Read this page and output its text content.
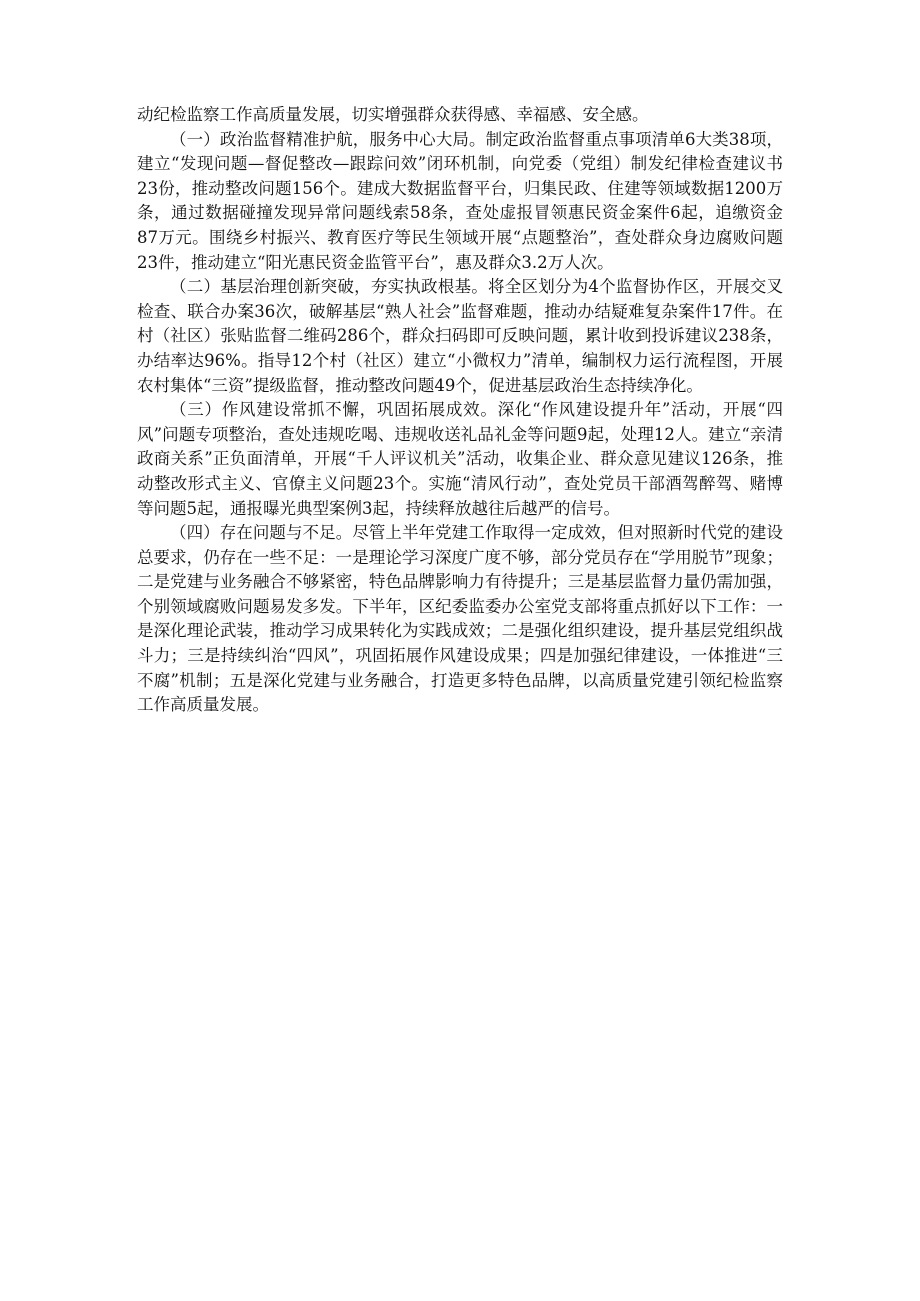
动纪检监察工作高质量发展，切实增强群众获得感、幸福感、安全感。

（一）政治监督精准护航，服务中心大局。制定政治监督重点事项清单6大类38项，建立“发现问题—督促整改—跟踪问效”闭环机制，向党委（党组）制发纪律检查建议书23份，推动整改问题156个。建成大数据监督平台，归集民政、住建等领域数据1200万条，通过数据碰撞发现异常问题线索58条，查处虚报冒领惠民资金案件6起，追缴资金87万元。围绕乡村振兴、教育医疗等民生领域开展“点题整治”，查处群众身边腐败问题23件，推动建立“阳光惠民资金监管平台”，惠及群众3.2万人次。

（二）基层治理创新突破，夯实执政根基。将全区划分为4个监督协作区，开展交叉检查、联合办案36次，破解基层“熟人社会”监督难题，推动办结疑难复杂案件17件。在村（社区）张贴监督二维码286个，群众扫码即可反映问题，累计收到投诉建议238条，办结率达96%。指导12个村（社区）建立“小微权力”清单，编制权力运行流程图，开展农村集体“三资”提级监督，推动整改问题49个，促进基层政治生态持续净化。

（三）作风建设常抓不懈，巩固拓展成效。深化“作风建设提升年”活动，开展“四风”问题专项整治，查处违规吃喝、违规收送礼品礼金等问题9起，处理12人。建立“亲清政商关系”正负面清单，开展“千人评议机关”活动，收集企业、群众意见建议126条，推动整改形式主义、官僚主义问题23个。实施“清风行动”，查处党员干部酒驾醉驾、赌博等问题5起，通报曝光典型案例3起，持续释放越往后越严的信号。

（四）存在问题与不足。尽管上半年党建工作取得一定成效，但对照新时代党的建设总要求，仍存在一些不足：一是理论学习深度广度不够，部分党员存在“学用脱节”现象；二是党建与业务融合不够紧密，特色品牌影响力有待提升；三是基层监督力量仍需加强，个别领域腐败问题易发多发。下半年，区纪委监委办公室党支部将重点抓好以下工作：一是深化理论武装，推动学习成果转化为实践成效；二是强化组织建设，提升基层党组织战斗力；三是持续纠治“四风”，巩固拓展作风建设成果；四是加强纪律建设，一体推进“三不腐”机制；五是深化党建与业务融合，打造更多特色品牌，以高质量党建引领纪检监察工作高质量发展。
